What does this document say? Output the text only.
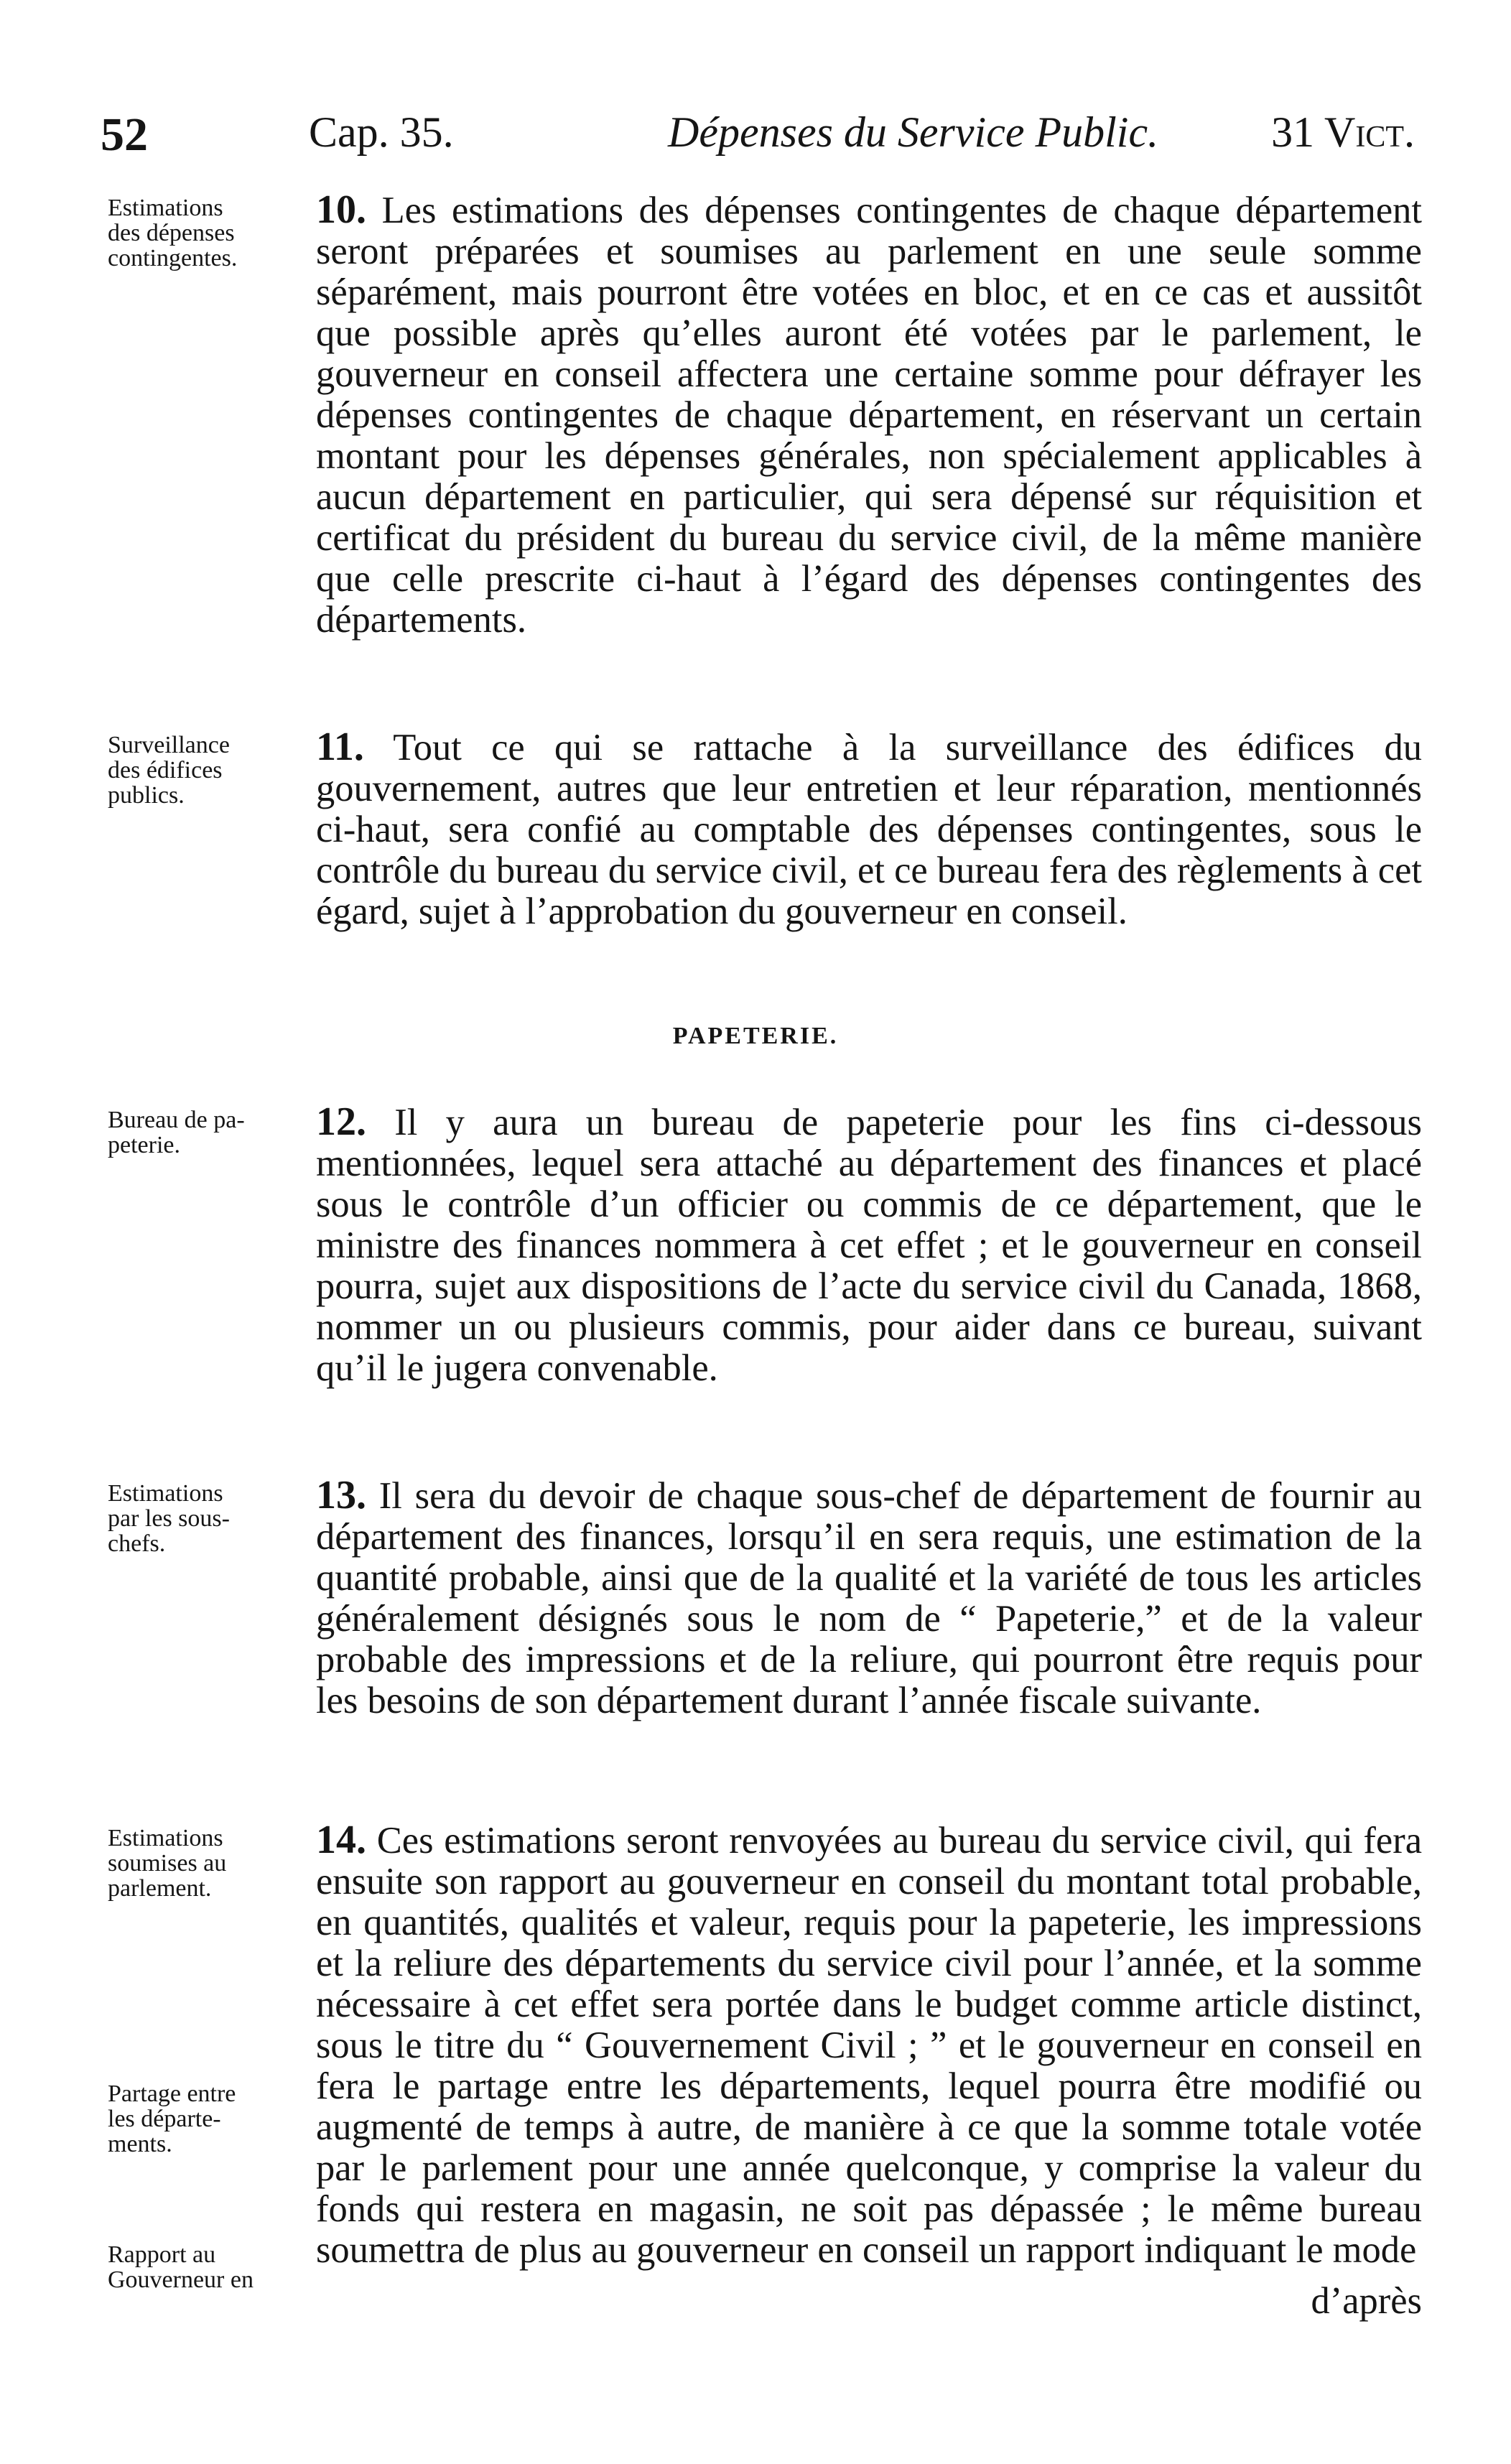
52	Cap. 35.	Dépenses du Service Public.	31 Vict.
Estimations
des dépenses
contingentes.
10. Les estimations des dépenses contingentes de chaque département seront préparées et soumises au parlement en une seule somme séparément, mais pourront être votées en bloc, et en ce cas et aussitôt que possible après qu’elles auront été votées par le parlement, le gouverneur en conseil affectera une certaine somme pour défrayer les dépenses contingentes de chaque département, en réservant un certain montant pour les dépenses générales, non spécialement applicables à aucun département en particulier, qui sera dépensé sur réquisition et certificat du président du bureau du service civil, de la même manière que celle prescrite ci-haut à l’égard des dépenses contingentes des départements.
Surveillance
des édifices
publics.
11. Tout ce qui se rattache à la surveillance des édifices du gouvernement, autres que leur entretien et leur réparation, mentionnés ci-haut, sera confié au comptable des dépenses contingentes, sous le contrôle du bureau du service civil, et ce bureau fera des règlements à cet égard, sujet à l’approbation du gouverneur en conseil.
PAPETERIE.
Bureau de pa-
peterie.
12. Il y aura un bureau de papeterie pour les fins ci-dessous mentionnées, lequel sera attaché au département des finances et placé sous le contrôle d’un officier ou commis de ce département, que le ministre des finances nommera à cet effet ; et le gouverneur en conseil pourra, sujet aux dispositions de l’acte du service civil du Canada, 1868, nommer un ou plusieurs commis, pour aider dans ce bureau, suivant qu’il le jugera convenable.
Estimations
par les sous-
chefs.
13. Il sera du devoir de chaque sous-chef de département de fournir au département des finances, lorsqu’il en sera requis, une estimation de la quantité probable, ainsi que de la qualité et la variété de tous les articles généralement désignés sous le nom de “ Papeterie,” et de la valeur probable des impressions et de la reliure, qui pourront être requis pour les besoins de son département durant l’année fiscale suivante.
Estimations
soumises au
parlement.
Partage entre
les départe-
ments.
Rapport au
Gouverneur en
14. Ces estimations seront renvoyées au bureau du service civil, qui fera ensuite son rapport au gouverneur en conseil du montant total probable, en quantités, qualités et valeur, requis pour la papeterie, les impressions et la reliure des départements du service civil pour l’année, et la somme nécessaire à cet effet sera portée dans le budget comme article distinct, sous le titre du “ Gouvernement Civil ; ” et le gouverneur en conseil en fera le partage entre les départements, lequel pourra être modifié ou augmenté de temps à autre, de manière à ce que la somme totale votée par le parlement pour une année quelconque, y comprise la valeur du fonds qui restera en magasin, ne soit pas dépassée ; le même bureau soumettra de plus au gouverneur en conseil un rapport indiquant le mode
d’après
